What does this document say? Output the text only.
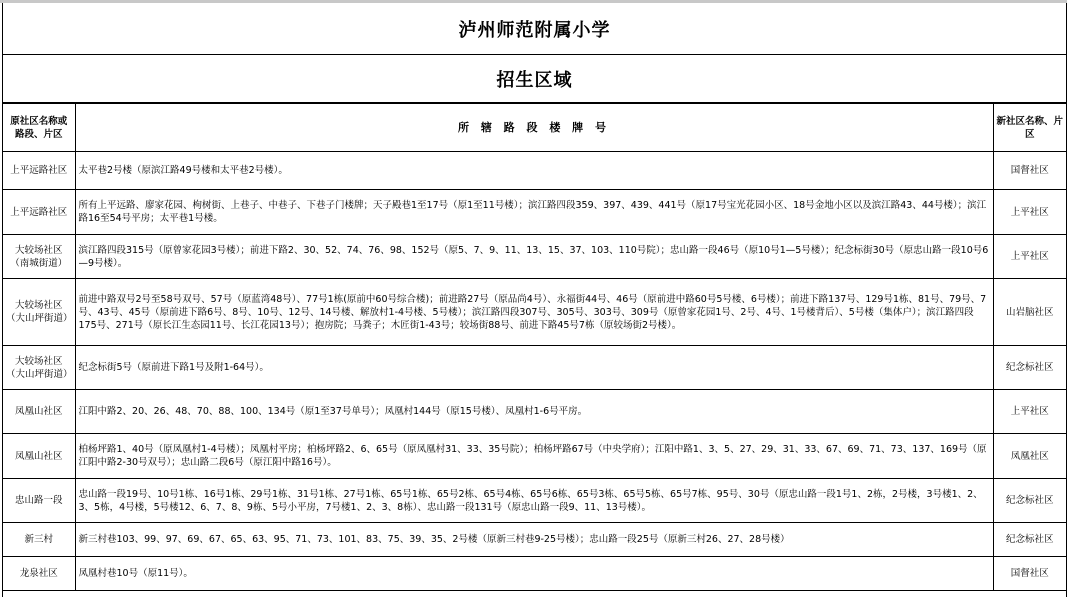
泸州师范附属小学
招生区域
原社区名称或路段、片区	所 辖 路 段 楼 牌 号	新社区名称、片区
上平远路社区	太平巷2号楼（原滨江路49号楼和太平巷2号楼）。	国督社区
上平远路社区	所有上平远路、廖家花园、枸树街、上巷子、中巷子、下巷子门楼牌；天子殿巷1至17号（原1至11号楼）；滨江路四段359、397、439、441号（原17号宝光花园小区、18号金地小区以及滨江路43、44号楼）；滨江路16至54号平房；太平巷1号楼。	上平社区
大较场社区（南城街道）	滨江路四段315号（原曾家花园3号楼）；前进下路2、30、52、74、76、98、152号（原5、7、9、11、13、15、37、103、110号院）；忠山路一段46号（原10号1—5号楼）；纪念标街30号（原忠山路一段10号6—9号楼）。	上平社区
大较场社区（大山坪街道）	前进中路双号2号至58号双号、57号（原蓝湾48号）、77号1栋(原前中60号综合楼)；前进路27号（原品尚4号）、永福街44号、46号（原前进中路60号5号楼、6号楼）；前进下路137号、129号1栋、81号、79号、7号、43号、45号（原前进下路6号、8号、10号、12号、14号楼、解放村1-4号楼、5号楼）；滨江路四段307号、305号、303号、309号（原曾家花园1号、2号、4号、1号楼背后）、5号楼（集体户）；滨江路四段175号、271号（原长江生态园11号、长江花园13号）；抱房院；马粪子；木匠街1-43号；较场街88号、前进下路45号7栋（原较场街2号楼）。	山岩脑社区
大较场社区（大山坪街道）	纪念标街5号（原前进下路1号及附1-64号）。	纪念标社区
凤凰山社区	江阳中路2、20、26、48、70、88、100、134号（原1至37号单号）；凤凰村144号（原15号楼）、凤凰村1-6号平房。	上平社区
凤凰山社区	柏杨坪路1、40号（原凤凰村1-4号楼）；凤凰村平房；柏杨坪路2、6、65号（原凤凰村31、33、35号院）；柏杨坪路67号（中央学府）；江阳中路1、3、5、27、29、31、33、67、69、71、73、137、169号（原江阳中路2-30号双号）；忠山路二段6号（原江阳中路16号）。	凤凰社区
忠山路一段	忠山路一段19号、10号1栋、16号1栋、29号1栋、31号1栋、27号1栋、65号1栋、65号2栋、65号4栋、65号6栋、65号3栋、65号5栋、65号7栋、95号、30号（原忠山路一段1号1、2栋，2号楼，3号楼1、2、3、5栋，4号楼，5号楼12、6、7、8、9栋、5号小平房，7号楼1、2、3、8栋）、忠山路一段131号（原忠山路一段9、11、13号楼）。	纪念标社区
新三村	新三村巷103、99、97、69、67、65、63、95、71、73、101、83、75、39、35、2号楼（原新三村巷9-25号楼）；忠山路一段25号（原新三村26、27、28号楼）	纪念标社区
龙泉社区	凤凰村巷10号（原11号）。	国督社区
